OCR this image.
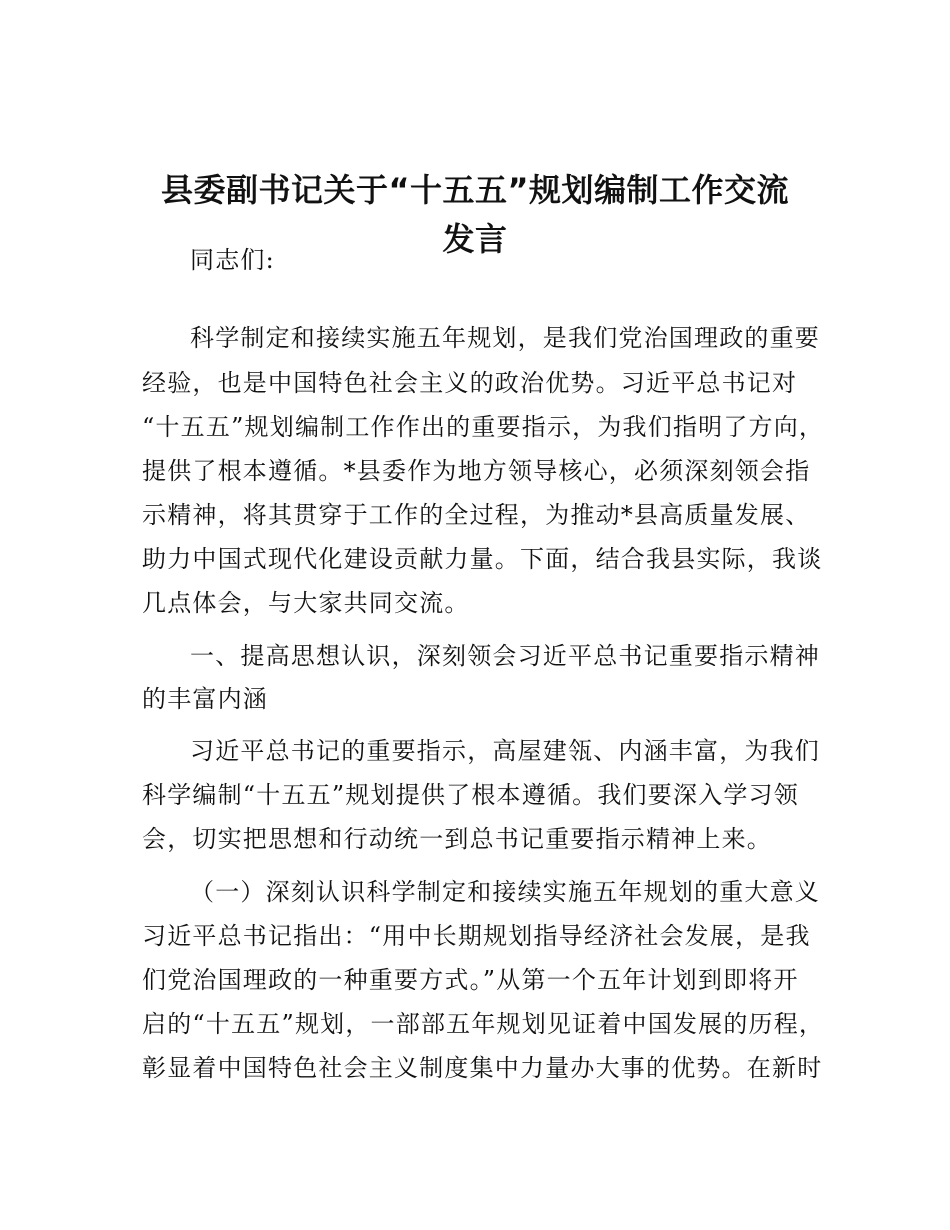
县委副书记关于“十五五”规划编制工作交流
发言
同志们:
科学制定和接续实施五年规划，是我们党治国理政的重要
经验，也是中国特色社会主义的政治优势。习近平总书记对
“十五五”规划编制工作作出的重要指示，为我们指明了方向，
提供了根本遵循。*县委作为地方领导核心，必须深刻领会指
示精神，将其贯穿于工作的全过程，为推动*县高质量发展、
助力中国式现代化建设贡献力量。下面，结合我县实际，我谈
几点体会，与大家共同交流。
一、提高思想认识，深刻领会习近平总书记重要指示精神
的丰富内涵
习近平总书记的重要指示，高屋建瓴、内涵丰富，为我们
科学编制“十五五”规划提供了根本遵循。我们要深入学习领
会，切实把思想和行动统一到总书记重要指示精神上来。
（一）深刻认识科学制定和接续实施五年规划的重大意义
习近平总书记指出：“用中长期规划指导经济社会发展，是我
们党治国理政的一种重要方式。”从第一个五年计划到即将开
启的“十五五”规划，一部部五年规划见证着中国发展的历程，
彰显着中国特色社会主义制度集中力量办大事的优势。在新时
